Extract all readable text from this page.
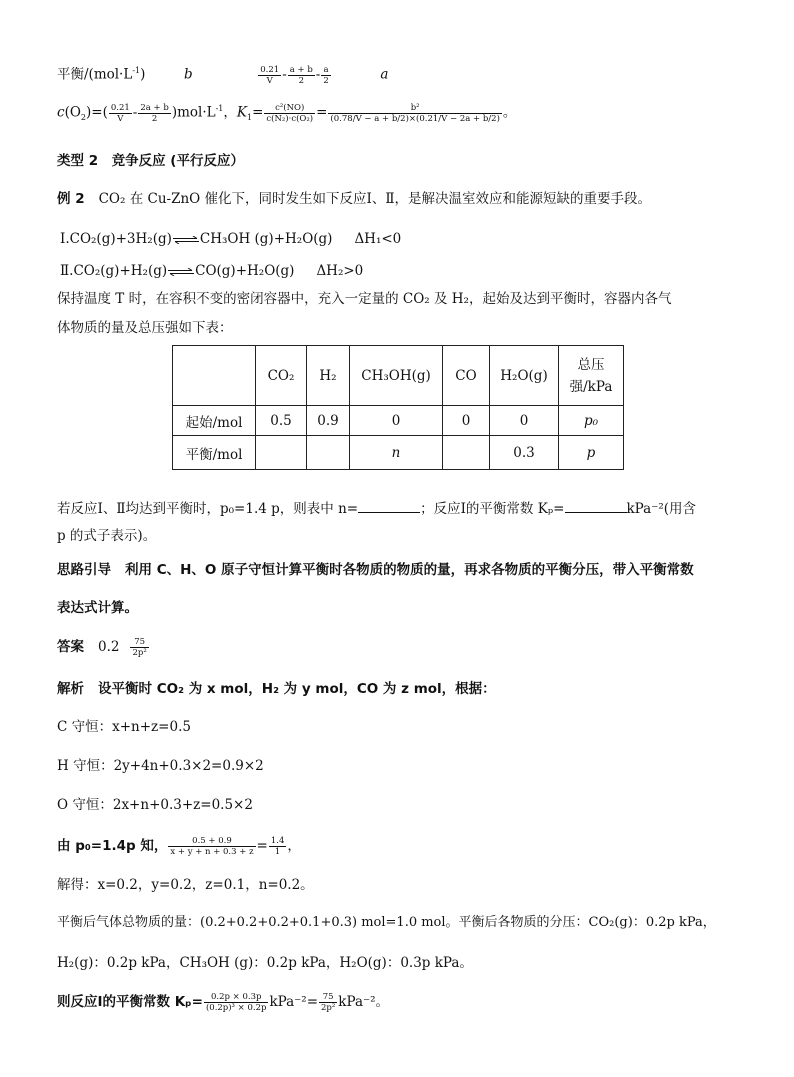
平衡$/(mol\cdot L^{-1})$	b	$\frac{0.21}{V} - \frac{a + b}{2} - \frac{a}{2}$	a
$c(O_2)=( \frac{0.21}{V} - \frac{2a + b}{2} )mol\cdot L^{-1}$，$K_1= \frac{\text{c²(NO)}}{\text{c(N₂)·c(O₂)}} = \frac{\text{b²}}{(0.78/V - a + b/2)\times(0.21/V - 2a + b/2)}$ 。
类型 2　竞争反应 (平行反应）
例 2 CO₂ 在 Cu-ZnO 催化下，同时发生如下反应Ⅰ、Ⅱ，是解决温室效应和能源短缺的重要手段。
Ⅰ.CO₂(g)+3H₂(g)⇌CH₃OH (g)+H₂O(g) ΔH₁<0
Ⅱ.CO₂(g)+H₂(g)⇌CO(g)+H₂O(g) ΔH₂>0
保持温度 T 时，在容积不变的密闭容器中，充入一定量的 CO₂ 及 H₂，起始及达到平衡时，容器内各气
体物质的量及总压强如下表：
	CO₂	H₂	CH₃OH(g)	CO	H₂O(g)	总压
强/kPa
起始/mol	0.5	0.9	0	0	0	p₀
平衡/mol			n		0.3	p
若反应Ⅰ、Ⅱ均达到平衡时，p₀=1.4 p，则表中 n=	；反应Ⅰ的平衡常数 Kₚ=	kPa⁻²(用含
p 的式子表示)。
思路引导 利用 C、H、O 原子守恒计算平衡时各物质的物质的量，再求各物质的平衡分压，带入平衡常数
表达式计算。
答案 $0.2 \frac{75}{\text{2p²}}$
解析 设平衡时 CO₂ 为 x mol，H₂ 为 y mol，CO 为 z mol，根据：
C 守恒：x+n+z=0.5
H 守恒：2y+4n+0.3×2=0.9×2
O 守恒：2x+n+0.3+z=0.5×2
由 p₀=1.4p 知， $\frac{0.5 + 0.9}{x + y + n + 0.3 + z} = \frac{1.4}{1}$ ，
解得：x=0.2，y=0.2，z=0.1，n=0.2。
平衡后气体总物质的量：(0.2+0.2+0.2+0.1+0.3) mol=1.0 mol。平衡后各物质的分压：CO₂(g)：0.2p kPa，
H₂(g)：0.2p kPa，CH₃OH (g)：0.2p kPa，H₂O(g)：0.3p kPa。
则反应Ⅰ的平衡常数 $K_p= \frac{0.2p \times 0.3p}{\text{(0.2p)³ × 0.2p}} kPa^{-2}= \frac{75}{\text{2p²}} kPa^{-2}$。
